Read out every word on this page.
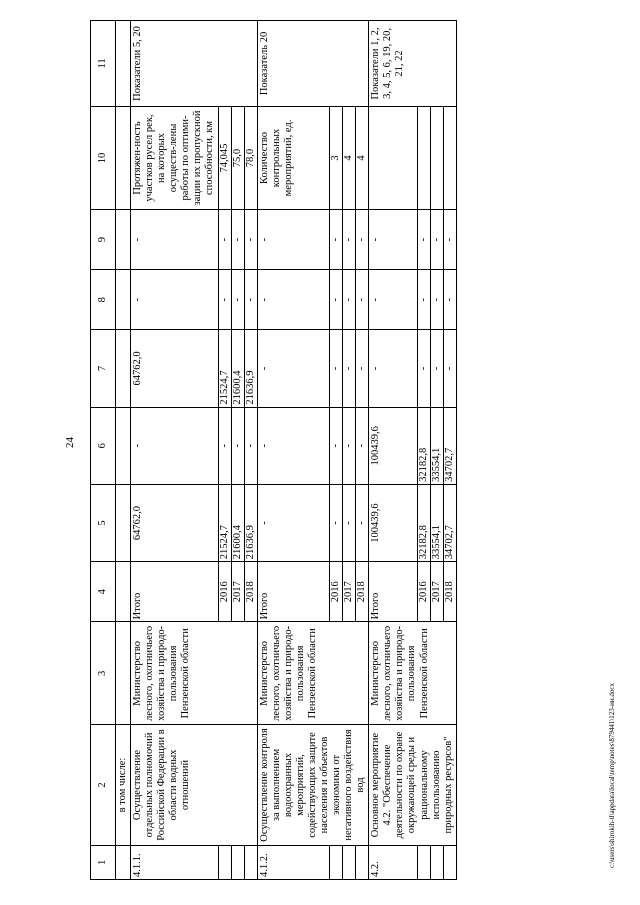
24
1	2	3	4	5	6	7	8	9	10	11
	в том числе:									
4.1.1.	Осуществление отдельных полномочий Российской Федерации в области водных отношений	Министерство лесного, охотничьего хозяйства и природо-пользования Пензенской области	Итого	64762,0	-	64762,0	-	-	Протяжен-ность участков русел рек, на которых осуществ-лены работы по оптими-зации их пропускной способности, км	Показатели 5, 20
			2016	21524,7	-	21524,7	-	-	74,045	
			2017	21600,4	-	21600,4	-	-	75,0	
			2018	21636,9	-	21636,9	-	-	78,0	
4.1.2.	Осуществление контроля за выполнением водоохранных мероприятий, содействующих защите населения и объектов экономики от негативного воздействия вод	Министерство лесного, охотничьего хозяйства и природо-пользования Пензенской области	Итого	-	-	-	-	-	Количество контрольных мероприятий, ед.	Показатель 20
			2016	-	-	-	-	-	3	
			2017	-	-	-	-	-	4	
			2018	-	-	-	-	-	4	
4.2.	Основное мероприятие 4.2. "Обеспечение деятельности по охране окружающей среды и рациональному использованию природных ресурсов"	Министерство лесного, охотничьего хозяйства и природо-пользования Пензенской области	Итого	100439,6	100439,6	-	-	-		Показатели 1, 2, 3, 4, 5, 6, 19, 20, 21, 22
			2016	32182,8	32182,8	-	-	-		
			2017	33554,1	33554,1	-	-	-		
			2018	34702,7	34702,7	-	-	-		
c:\users\shirokih-tl\appdata\local\temp\notes\879441\123-ии.docx
